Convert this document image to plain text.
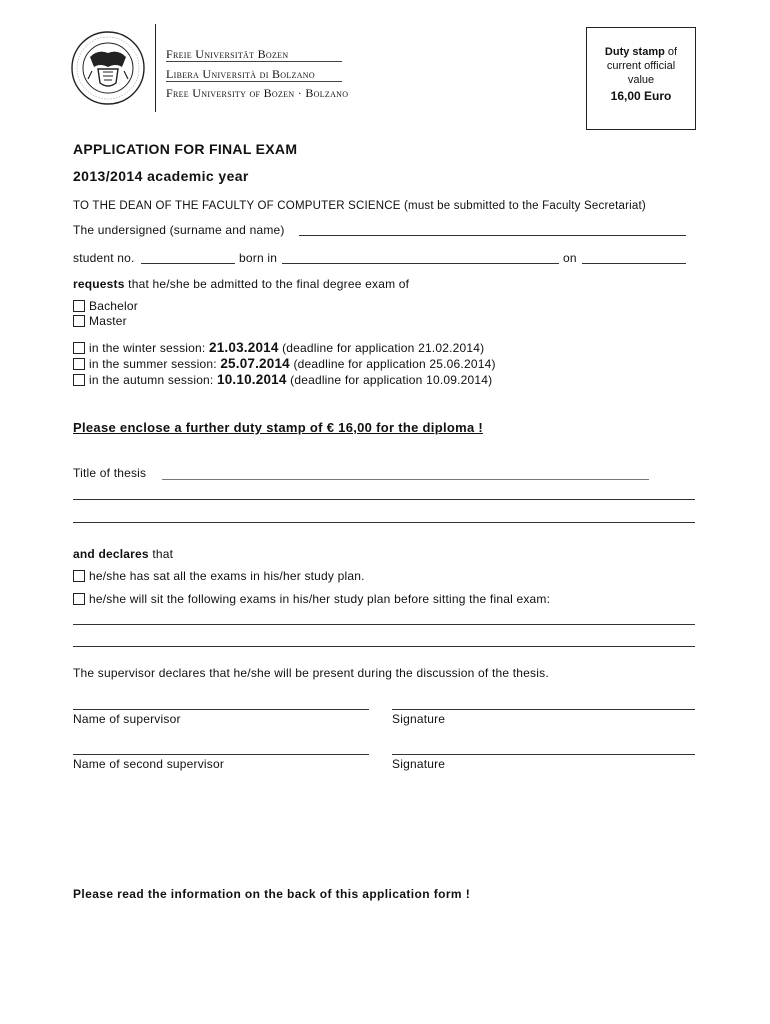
Freie Universität Bozen
Libera Università di Bolzano
Free University of Bozen · Bolzano
Duty stamp of
current official
value
16,00 Euro
APPLICATION FOR FINAL EXAM
2013/2014 academic year
TO THE DEAN OF THE FACULTY OF COMPUTER SCIENCE (must be submitted to the Faculty Secretariat)
The undersigned (surname and name)
student no.	born in	on
requests that he/she be admitted to the final degree exam of
Bachelor
Master
in the winter session: 21.03.2014 (deadline for application 21.02.2014)
in the summer session: 25.07.2014 (deadline for application 25.06.2014)
in the autumn session: 10.10.2014 (deadline for application 10.09.2014)
Please enclose a further duty stamp of € 16,00 for the diploma !
Title of thesis
and declares that
he/she has sat all the exams in his/her study plan.
he/she will sit the following exams in his/her study plan before sitting the final exam:
The supervisor declares that he/she will be present during the discussion of the thesis.
Name of supervisor	Signature
Name of second supervisor	Signature
Please read the information on the back of this application form !
